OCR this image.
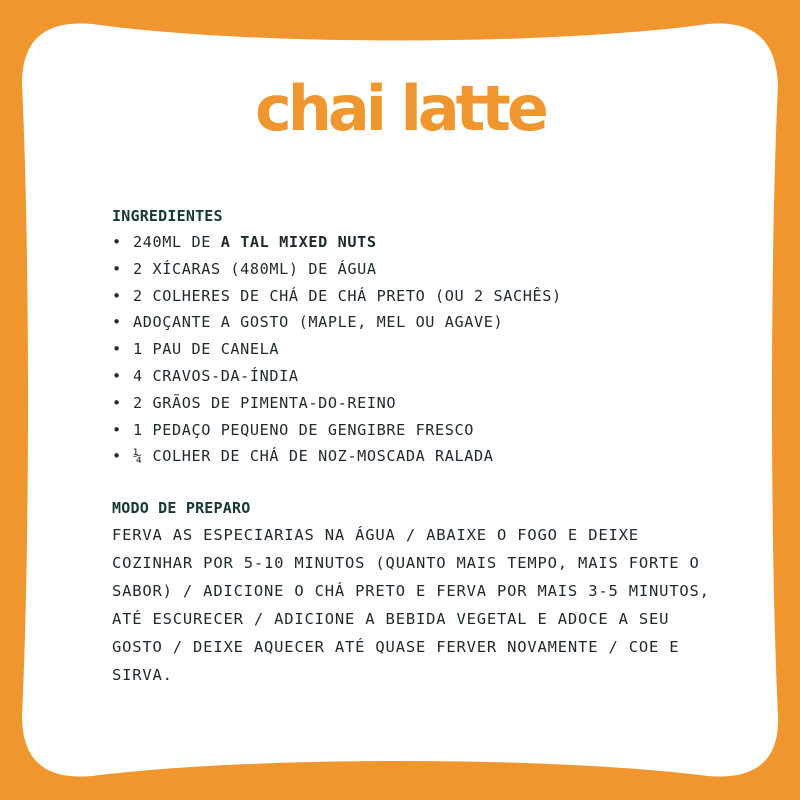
chai latte
INGREDIENTES
• 240ML DE A TAL MIXED NUTS
• 2 XÍCARAS (480ML) DE ÁGUA
• 2 COLHERES DE CHÁ DE CHÁ PRETO (OU 2 SACHÊS)
• ADOÇANTE A GOSTO (MAPLE, MEL OU AGAVE)
• 1 PAU DE CANELA
• 4 CRAVOS-DA-ÍNDIA
• 2 GRÃOS DE PIMENTA-DO-REINO
• 1 PEDAÇO PEQUENO DE GENGIBRE FRESCO
• ¼ COLHER DE CHÁ DE NOZ-MOSCADA RALADA
MODO DE PREPARO

FERVA AS ESPECIARIAS NA ÁGUA / ABAIXE O FOGO E DEIXE COZINHAR POR 5-10 MINUTOS (QUANTO MAIS TEMPO, MAIS FORTE O SABOR) / ADICIONE O CHÁ PRETO E FERVA POR MAIS 3-5 MINUTOS, ATÉ ESCURECER / ADICIONE A BEBIDA VEGETAL E ADOCE A SEU GOSTO / DEIXE AQUECER ATÉ QUASE FERVER NOVAMENTE / COE E SIRVA.
